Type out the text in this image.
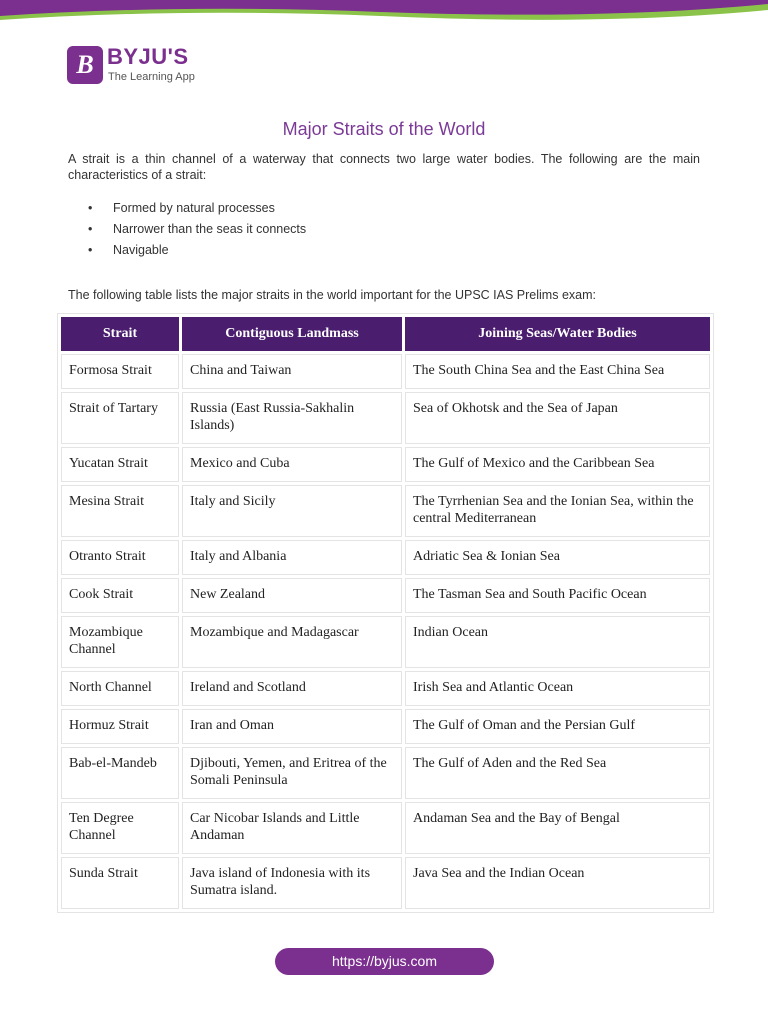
B BYJU'S
The Learning App
Major Straits of the World
A strait is a thin channel of a waterway that connects two large water bodies. The following are the main characteristics of a strait:
• Formed by natural processes
• Narrower than the seas it connects
• Navigable
The following table lists the major straits in the world important for the UPSC IAS Prelims exam:
Strait	Contiguous Landmass	Joining Seas/Water Bodies
Formosa Strait	China and Taiwan	The South China Sea and the East China Sea
Strait of Tartary	Russia (East Russia-Sakhalin Islands)	Sea of Okhotsk and the Sea of Japan
Yucatan Strait	Mexico and Cuba	The Gulf of Mexico and the Caribbean Sea
Mesina Strait	Italy and Sicily	The Tyrrhenian Sea and the Ionian Sea, within the central Mediterranean
Otranto Strait	Italy and Albania	Adriatic Sea & Ionian Sea
Cook Strait	New Zealand	The Tasman Sea and South Pacific Ocean
Mozambique Channel	Mozambique and Madagascar	Indian Ocean
North Channel	Ireland and Scotland	Irish Sea and Atlantic Ocean
Hormuz Strait	Iran and Oman	The Gulf of Oman and the Persian Gulf
Bab-el-Mandeb	Djibouti, Yemen, and Eritrea of the Somali Peninsula	The Gulf of Aden and the Red Sea
Ten Degree Channel	Car Nicobar Islands and Little Andaman	Andaman Sea and the Bay of Bengal
Sunda Strait	Java island of Indonesia with its Sumatra island.	Java Sea and the Indian Ocean
https://byjus.com
